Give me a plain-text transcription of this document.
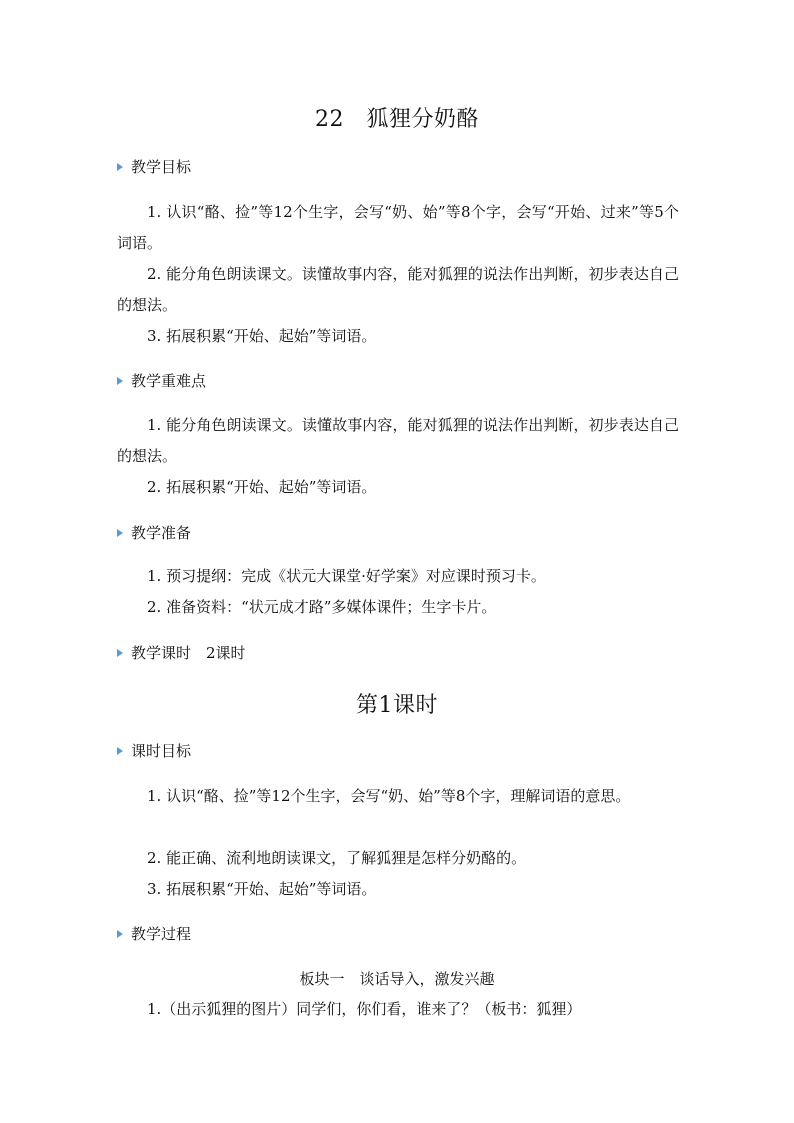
22　狐狸分奶酪
教学目标
1. 认识“酪、捡”等12个生字，会写“奶、始”等8个字，会写“开始、过来”等5个词语。
2. 能分角色朗读课文。读懂故事内容，能对狐狸的说法作出判断，初步表达自己的想法。
3. 拓展积累“开始、起始”等词语。
教学重难点
1. 能分角色朗读课文。读懂故事内容，能对狐狸的说法作出判断，初步表达自己的想法。
2. 拓展积累“开始、起始”等词语。
教学准备
1. 预习提纲：完成《状元大课堂·好学案》对应课时预习卡。
2. 准备资料：“状元成才路”多媒体课件；生字卡片。
教学课时 2课时
第1课时
课时目标
1. 认识“酪、捡”等12个生字，会写“奶、始”等8个字，理解词语的意思。
2. 能正确、流利地朗读课文，了解狐狸是怎样分奶酪的。
3. 拓展积累“开始、起始”等词语。
教学过程
板块一　谈话导入，激发兴趣
1.（出示狐狸的图片）同学们，你们看，谁来了？（板书：狐狸）
